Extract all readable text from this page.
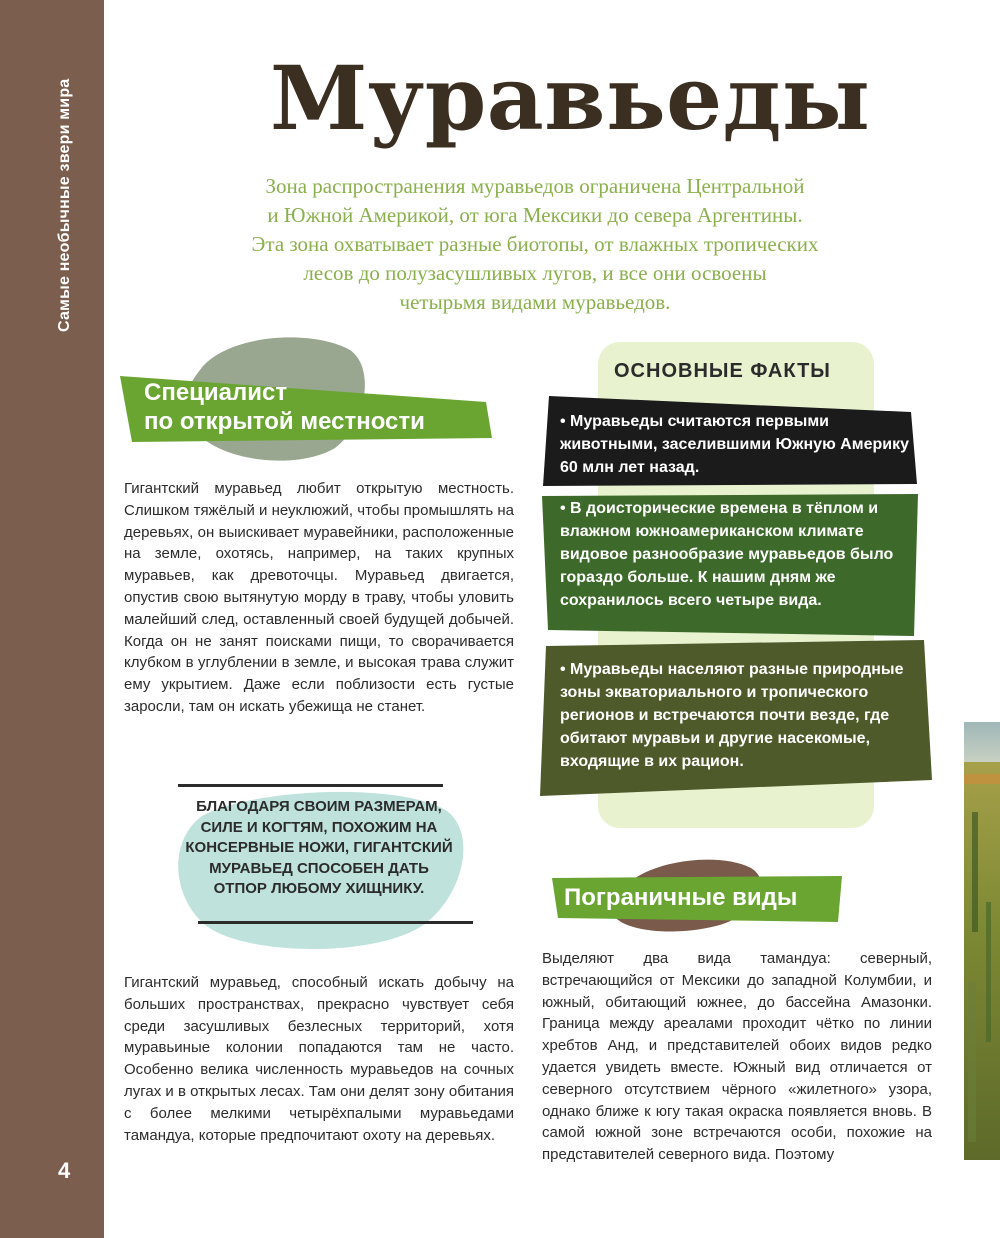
Самые необычные звери мира
4
Муравьеды

Зона распространения муравьедов ограничена Центральной
и Южной Америкой, от юга Мексики до севера Аргентины.
Эта зона охватывает разные биотопы, от влажных тропических
лесов до полузасушливых лугов, и все они освоены
четырьмя видами муравьедов.

Специалист
по открытой местности

Гигантский муравьед любит открытую местность. Слишком тяжёлый и неуклюжий, чтобы промышлять на деревьях, он выискивает муравейники, расположенные на земле, охотясь, например, на таких крупных муравьев, как древоточцы. Муравьед двигается, опустив свою вытянутую морду в траву, чтобы уловить малейший след, оставленный своей будущей добычей. Когда он не занят поисками пищи, то сворачивается клубком в углублении в земле, и высокая трава служит ему укрытием. Даже если поблизости есть густые заросли, там он искать убежища не станет.

БЛАГОДАРЯ СВОИМ РАЗМЕРАМ, СИЛЕ И КОГТЯМ, ПОХОЖИМ НА КОНСЕРВНЫЕ НОЖИ, ГИГАНТСКИЙ МУРАВЬЕД СПОСОБЕН ДАТЬ ОТПОР ЛЮБОМУ ХИЩНИКУ.

Гигантский муравьед, способный искать добычу на больших пространствах, прекрасно чувствует себя среди засушливых безлесных территорий, хотя муравьиные колонии попадаются там не часто. Особенно велика численность муравьедов на сочных лугах и в открытых лесах. Там они делят зону обитания с более мелкими четырёхпалыми муравьедами тамандуа, которые предпочитают охоту на деревьях.

ОСНОВНЫЕ ФАКТЫ
• Муравьеды считаются первыми животными, заселившими Южную Америку 60 млн лет назад.
• В доисторические времена в тёплом и влажном южноамериканском климате видовое разнообразие муравьедов было гораздо больше. К нашим дням же сохранилось всего четыре вида.
• Муравьеды населяют разные природные зоны экваториального и тропического регионов и встречаются почти везде, где обитают муравьи и другие насекомые, входящие в их рацион.
Пограничные виды

Выделяют два вида тамандуа: северный, встречающийся от Мексики до западной Колумбии, и южный, обитающий южнее, до бассейна Амазонки. Граница между ареалами проходит чётко по линии хребтов Анд, и представителей обоих видов редко удается увидеть вместе. Южный вид отличается от северного отсутствием чёрного «жилетного» узора, однако ближе к югу такая окраска появляется вновь. В самой южной зоне встречаются особи, похожие на представителей северного вида. Поэтому
